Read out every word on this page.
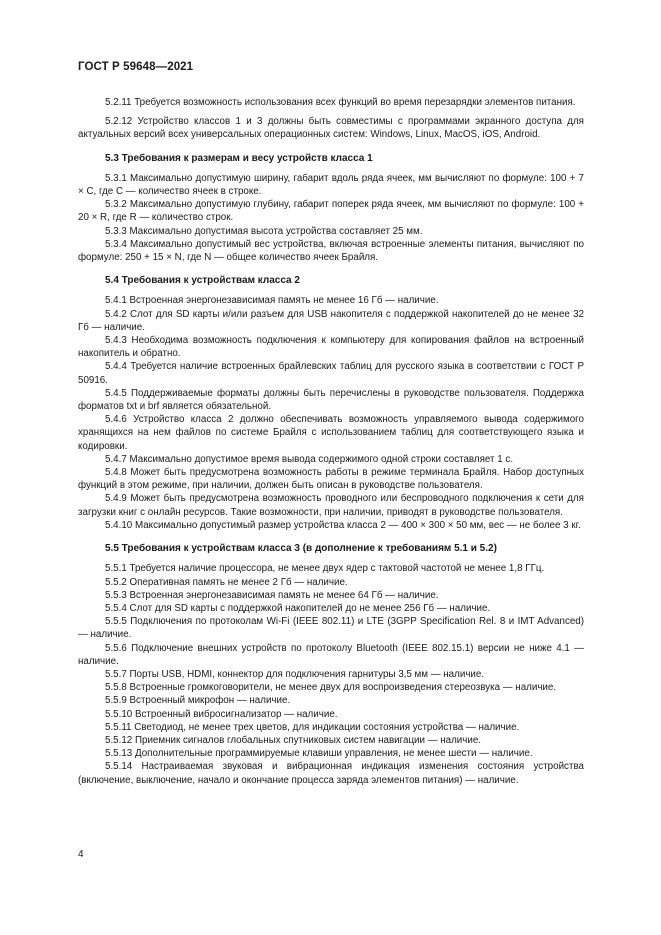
ГОСТ Р 59648—2021

5.2.11 Требуется возможность использования всех функций во время перезарядки элементов питания.

5.2.12 Устройство классов 1 и 3 должны быть совместимы с программами экранного доступа для актуальных версий всех универсальных операционных систем: Windows, Linux, MacOS, iOS, Android.

5.3 Требования к размерам и весу устройств класса 1

5.3.1 Максимально допустимую ширину, габарит вдоль ряда ячеек, мм вычисляют по формуле: 100 + 7 × C, где C — количество ячеек в строке.

5.3.2 Максимально допустимую глубину, габарит поперек ряда ячеек, мм вычисляют по формуле: 100 + 20 × R, где R — количество строк.

5.3.3 Максимально допустимая высота устройства составляет 25 мм.

5.3.4 Максимально допустимый вес устройства, включая встроенные элементы питания, вычисляют по формуле: 250 + 15 × N, где N — общее количество ячеек Брайля.

5.4 Требования к устройствам класса 2

5.4.1 Встроенная энергонезависимая память не менее 16 Гб — наличие.

5.4.2 Слот для SD карты и/или разъем для USB накопителя с поддержкой накопителей до не менее 32 Гб — наличие.

5.4.3 Необходима возможность подключения к компьютеру для копирования файлов на встроенный накопитель и обратно.

5.4.4 Требуется наличие встроенных брайлевских таблиц для русского языка в соответствии с ГОСТ Р 50916.

5.4.5 Поддерживаемые форматы должны быть перечислены в руководстве пользователя. Поддержка форматов txt и brf является обязательной.

5.4.6 Устройство класса 2 должно обеспечивать возможность управляемого вывода содержимого хранящихся на нем файлов по системе Брайля с использованием таблиц для соответствующего языка и кодировки.

5.4.7 Максимально допустимое время вывода содержимого одной строки составляет 1 с.

5.4.8 Может быть предусмотрена возможность работы в режиме терминала Брайля. Набор доступных функций в этом режиме, при наличии, должен быть описан в руководстве пользователя.

5.4.9 Может быть предусмотрена возможность проводного или беспроводного подключения к сети для загрузки книг с онлайн ресурсов. Такие возможности, при наличии, приводят в руководстве пользователя.

5.4.10 Максимально допустимый размер устройства класса 2 — 400 × 300 × 50 мм, вес — не более 3 кг.

5.5 Требования к устройствам класса 3 (в дополнение к требованиям 5.1 и 5.2)

5.5.1 Требуется наличие процессора, не менее двух ядер с тактовой частотой не менее 1,8 ГГц.

5.5.2 Оперативная память не менее 2 Гб — наличие.

5.5.3 Встроенная энергонезависимая память не менее 64 Гб — наличие.

5.5.4 Слот для SD карты с поддержкой накопителей до не менее 256 Гб — наличие.

5.5.5 Подключения по протоколам Wi-Fi (IEEE 802.11) и LTE (3GPP Specification Rel. 8 и IMT Advanced) — наличие.

5.5.6 Подключение внешних устройств по протоколу Bluetooth (IEEE 802.15.1) версии не ниже 4.1 — наличие.

5.5.7 Порты USB, HDMI, коннектор для подключения гарнитуры 3,5 мм — наличие.

5.5.8 Встроенные громкоговорители, не менее двух для воспроизведения стереозвука — наличие.

5.5.9 Встроенный микрофон — наличие.

5.5.10 Встроенный вибросигнализатор — наличие.

5.5.11 Светодиод, не менее трех цветов, для индикации состояния устройства — наличие.

5.5.12 Приемник сигналов глобальных спутниковых систем навигации — наличие.

5.5.13 Дополнительные программируемые клавиши управления, не менее шести — наличие.

5.5.14 Настраиваемая звуковая и вибрационная индикация изменения состояния устройства (включение, выключение, начало и окончание процесса заряда элементов питания) — наличие.

4
